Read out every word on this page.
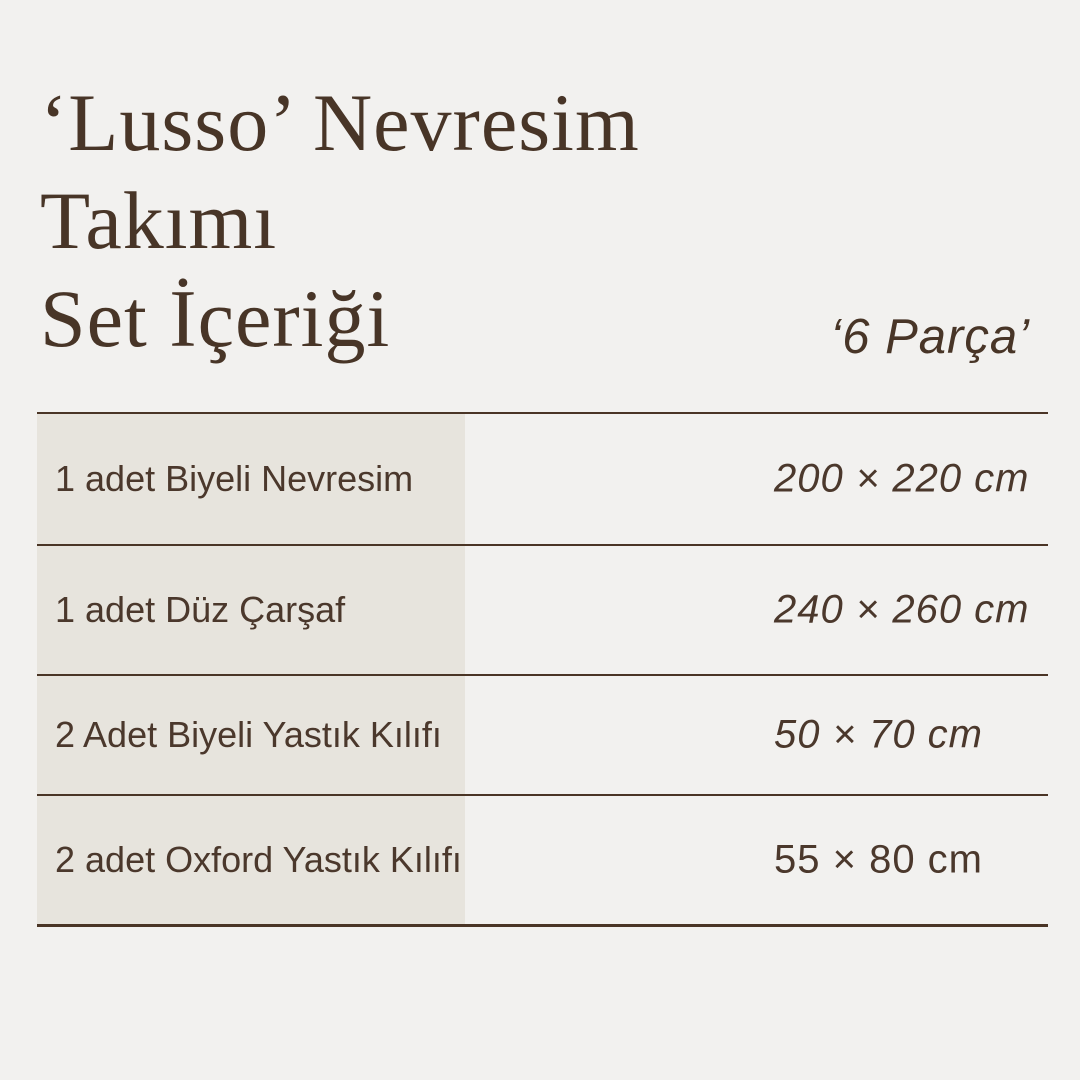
‘Lusso’ Nevresim
Takımı
Set İçeriği	‘6 Parça’
1 adet Biyeli Nevresim	200 × 220 cm
1 adet Düz Çarşaf	240 × 260 cm
2 Adet Biyeli Yastık Kılıfı	50 × 70 cm
2 adet Oxford Yastık Kılıfı	55 × 80 cm
